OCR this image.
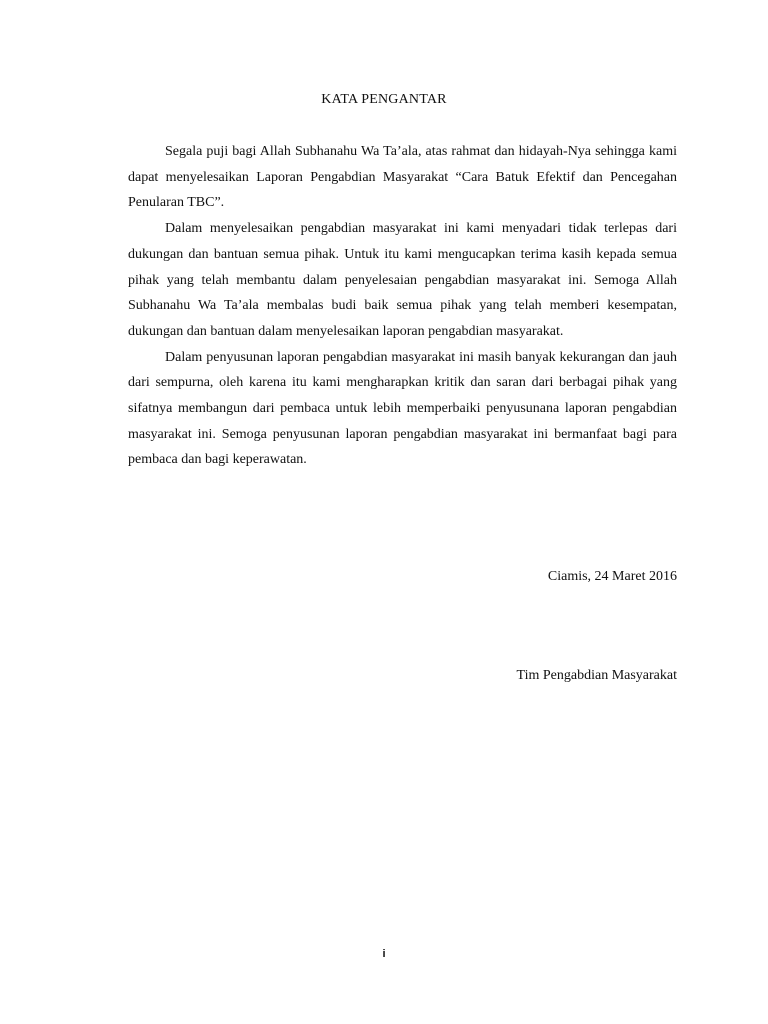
KATA PENGANTAR

Segala puji bagi Allah Subhanahu Wa Ta’ala, atas rahmat dan hidayah-Nya sehingga kami dapat menyelesaikan Laporan Pengabdian Masyarakat “Cara Batuk Efektif dan Pencegahan Penularan TBC”.

Dalam menyelesaikan pengabdian masyarakat ini kami menyadari tidak terlepas dari dukungan dan bantuan semua pihak. Untuk itu kami mengucapkan terima kasih kepada semua pihak yang telah membantu dalam penyelesaian pengabdian masyarakat ini. Semoga Allah Subhanahu Wa Ta’ala membalas budi baik semua pihak yang telah memberi kesempatan, dukungan dan bantuan dalam menyelesaikan laporan pengabdian masyarakat.

Dalam penyusunan laporan pengabdian masyarakat ini masih banyak kekurangan dan jauh dari sempurna, oleh karena itu kami mengharapkan kritik dan saran dari berbagai pihak yang sifatnya membangun dari pembaca untuk lebih memperbaiki penyusunana laporan pengabdian masyarakat ini. Semoga penyusunan laporan pengabdian masyarakat ini bermanfaat bagi para pembaca dan bagi keperawatan.

Ciamis, 24 Maret 2016
Tim Pengabdian Masyarakat
i
